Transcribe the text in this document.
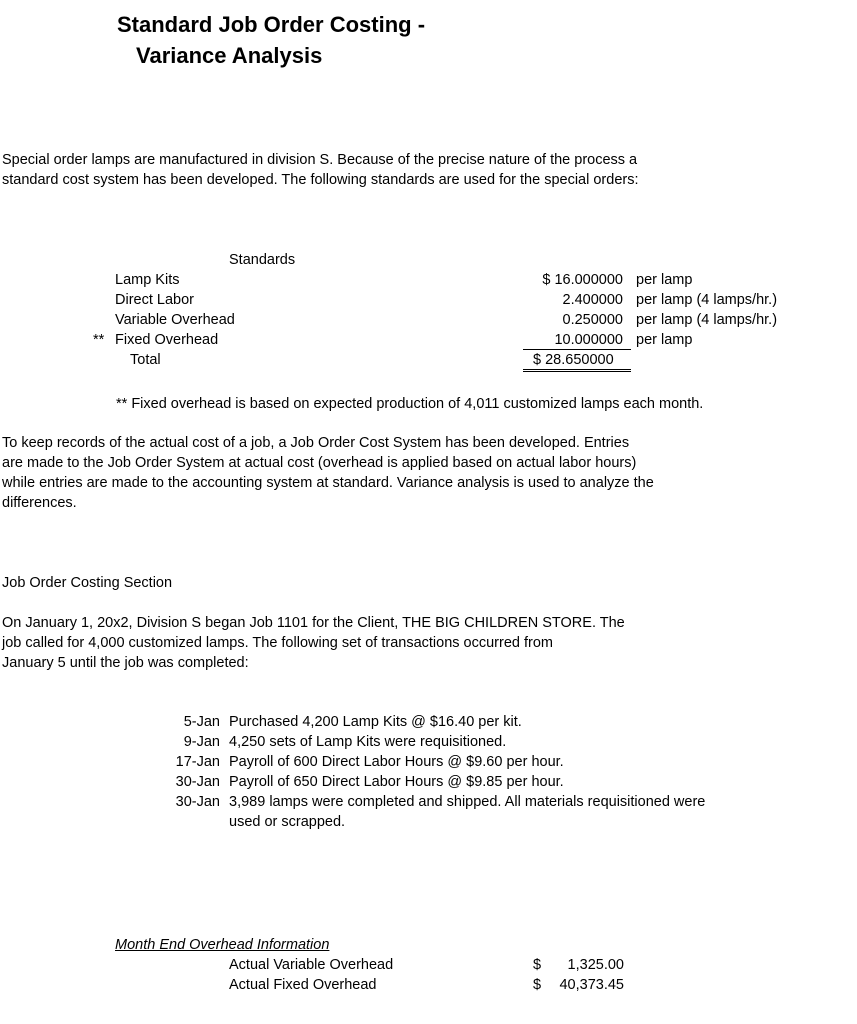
Standard Job Order Costing -
Variance Analysis
Special order lamps are manufactured in division S. Because of the precise nature of the process a
standard cost system has been developed. The following standards are used for the special orders:
Standards
**
Lamp Kits
Direct Labor
Variable Overhead
Fixed Overhead
Total
$ 16.000000
2.400000
0.250000
10.000000
$ 28.650000
per lamp
per lamp (4 lamps/hr.)
per lamp (4 lamps/hr.)
per lamp
** Fixed overhead is based on expected production of 4,011 customized lamps each month.
To keep records of the actual cost of a job, a Job Order Cost System has been developed. Entries
are made to the Job Order System at actual cost (overhead is applied based on actual labor hours)
while entries are made to the accounting system at standard. Variance analysis is used to analyze the
differences.
Job Order Costing Section
On January 1, 20x2, Division S began Job 1101 for the Client, THE BIG CHILDREN STORE. The
job called for 4,000 customized lamps. The following set of transactions occurred from
January 5 until the job was completed:
5-Jan Purchased 4,200 Lamp Kits @ $16.40 per kit.
9-Jan 4,250 sets of Lamp Kits were requisitioned.
17-Jan Payroll of 600 Direct Labor Hours @ $9.60 per hour.
30-Jan Payroll of 650 Direct Labor Hours @ $9.85 per hour.
30-Jan 3,989 lamps were completed and shipped. All materials requisitioned were
used or scrapped.
Month End Overhead Information
Actual Variable Overhead
Actual Fixed Overhead
$
$
1,325.00
40,373.45
